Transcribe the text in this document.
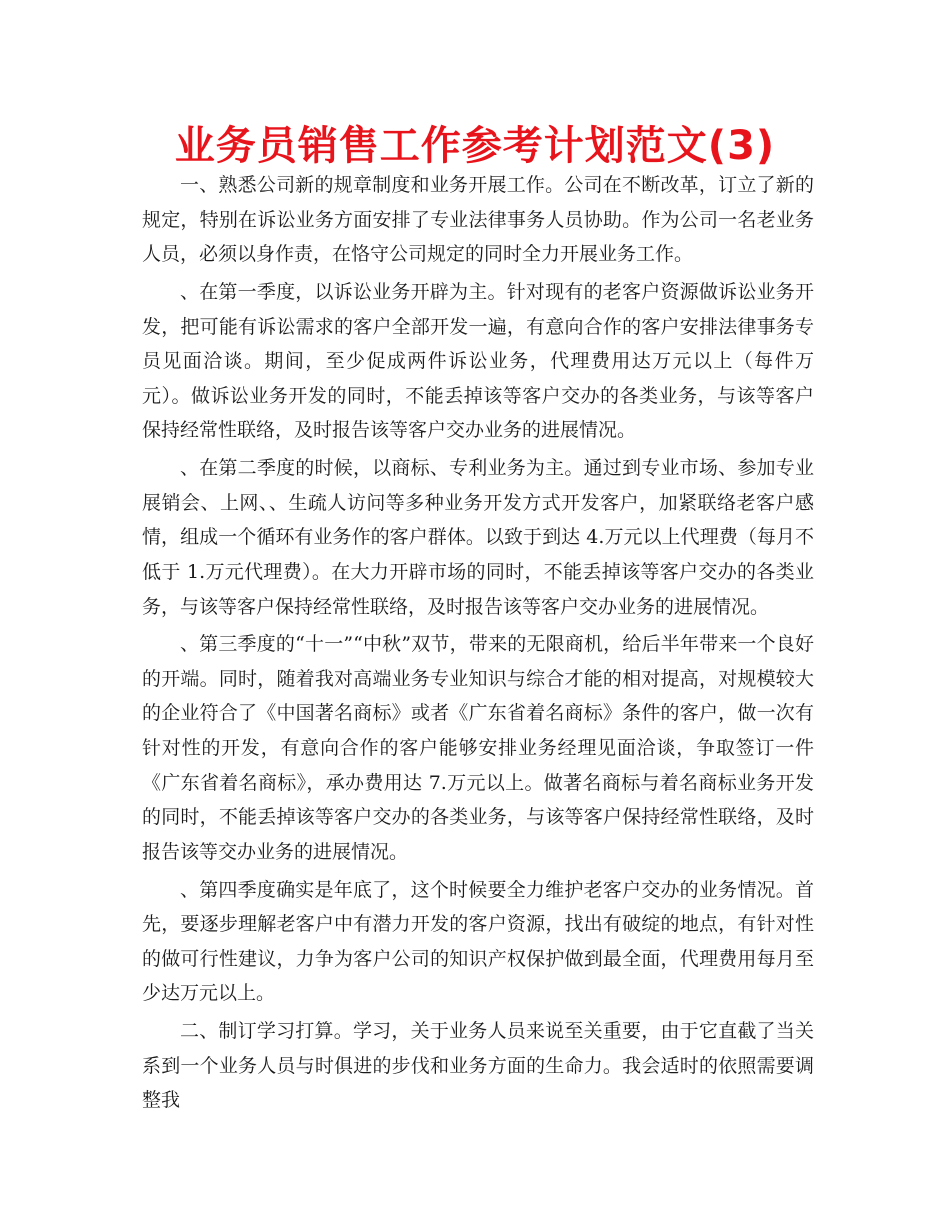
业务员销售工作参考计划范文(3)

一、熟悉公司新的规章制度和业务开展工作。公司在不断改革，订立了新的规定，特别在诉讼业务方面安排了专业法律事务人员协助。作为公司一名老业务人员，必须以身作责，在恪守公司规定的同时全力开展业务工作。

、在第一季度，以诉讼业务开辟为主。针对现有的老客户资源做诉讼业务开发，把可能有诉讼需求的客户全部开发一遍，有意向合作的客户安排法律事务专员见面洽谈。期间，至少促成两件诉讼业务，代理费用达万元以上（每件万元）。做诉讼业务开发的同时，不能丢掉该等客户交办的各类业务，与该等客户保持经常性联络，及时报告该等客户交办业务的进展情况。

、在第二季度的时候，以商标、专利业务为主。通过到专业市场、参加专业展销会、上网、、生疏人访问等多种业务开发方式开发客户，加紧联络老客户感情，组成一个循环有业务作的客户群体。以致于到达 4.万元以上代理费（每月不低于 1.万元代理费）。在大力开辟市场的同时，不能丢掉该等客户交办的各类业务，与该等客户保持经常性联络，及时报告该等客户交办业务的进展情况。

、第三季度的“十一”“中秋”双节，带来的无限商机，给后半年带来一个良好的开端。同时，随着我对高端业务专业知识与综合才能的相对提高，对规模较大的企业符合了《中国著名商标》或者《广东省着名商标》条件的客户，做一次有针对性的开发，有意向合作的客户能够安排业务经理见面洽谈，争取签订一件《广东省着名商标》，承办费用达 7.万元以上。做著名商标与着名商标业务开发的同时，不能丢掉该等客户交办的各类业务，与该等客户保持经常性联络，及时报告该等交办业务的进展情况。

、第四季度确实是年底了，这个时候要全力维护老客户交办的业务情况。首先，要逐步理解老客户中有潜力开发的客户资源，找出有破绽的地点，有针对性的做可行性建议，力争为客户公司的知识产权保护做到最全面，代理费用每月至少达万元以上。

二、制订学习打算。学习，关于业务人员来说至关重要，由于它直截了当关系到一个业务人员与时俱进的步伐和业务方面的生命力。我会适时的依照需要调整我
